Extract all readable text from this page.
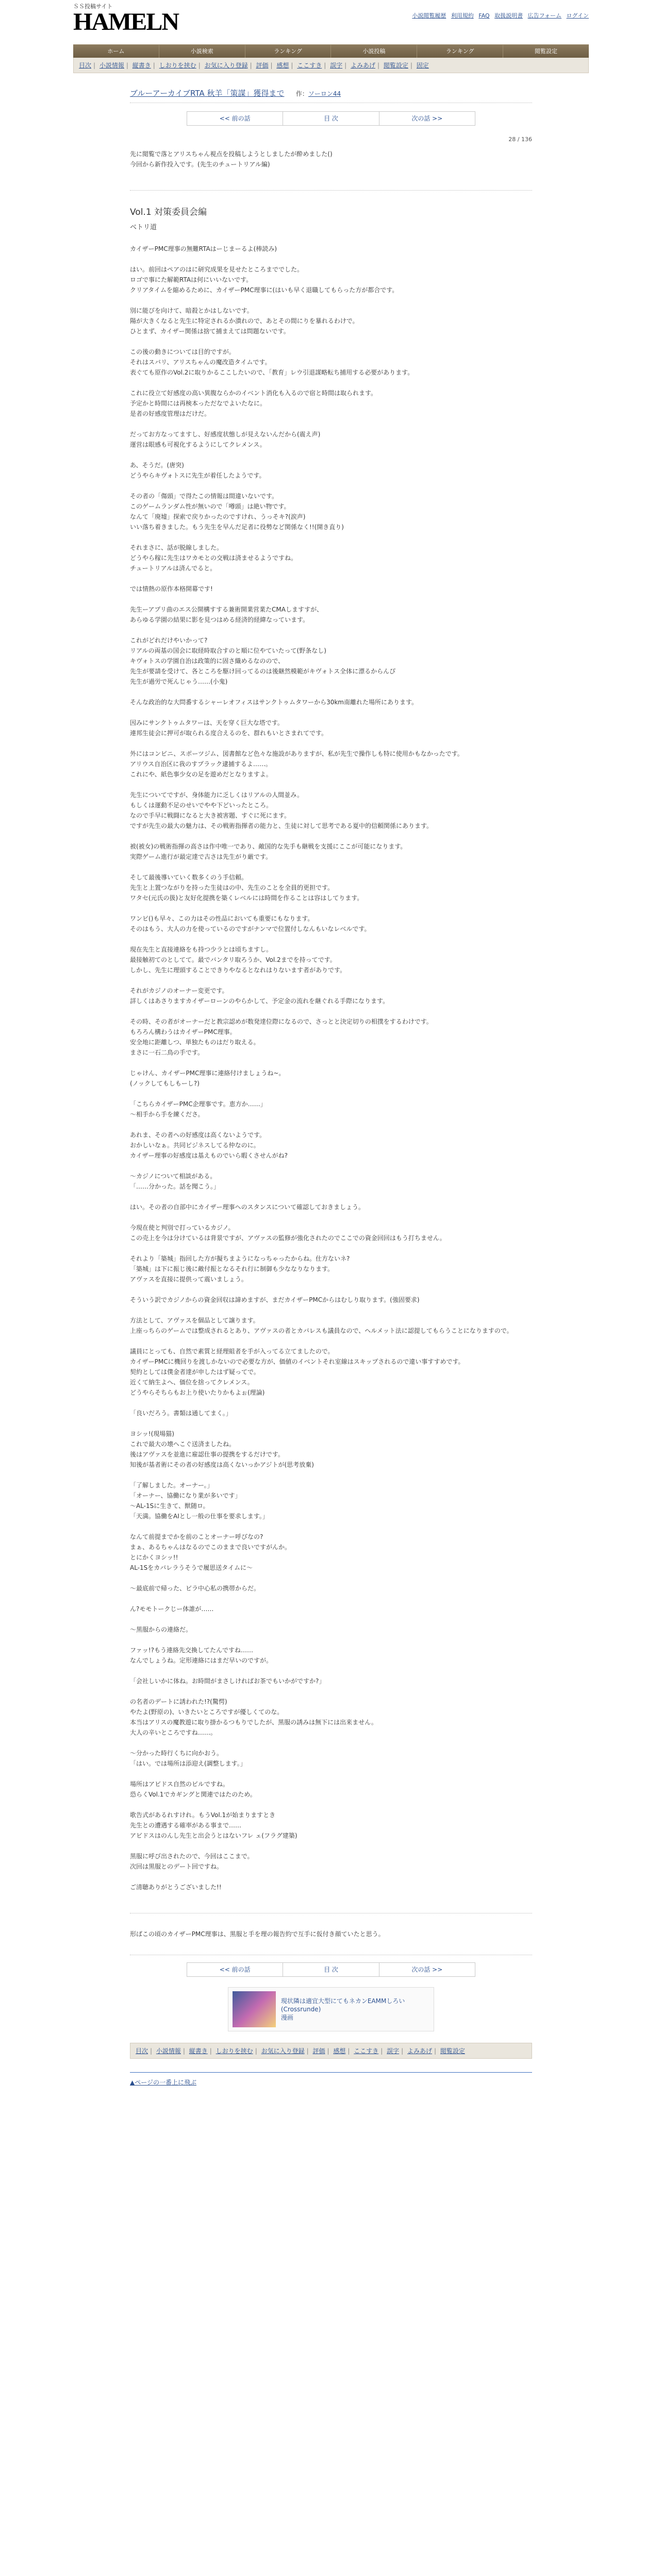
ＳＳ投稿サイト
HAMELN	小説閲覧履歴 利用規約 FAQ 取扱説明書 広告フォーム ログイン
ホーム	小説検索	ランキング	小説投稿	ランキング	閲覧設定
目次 | 小説情報 | 縦書き | しおりを挟む | お気に入り登録 | 評価 | 感想 | ここすき | 誤字 | よみあげ | 閲覧設定 | 固定
ブルーアーカイブRTA 秋羊「策謀」獲得まで 作：ソーロン44
<< 前の話	目 次	次の話 >>
28 / 136

先に閲覧で落とアリスちゃん視点を投稿しようとしましたが酔めました()

今回から新作投入です。(先生のチュートリアル編)

Vol.1 対策委員会編
ベトリ道

カイザーPMC理事の無難RTAはーじまーるよ(棒読み)

はい。前回はペアのはに研究成果を見せたところまででした。

ロゴで事にた解範RTAは何にいいないです。

クリアタイムを縮めるために、カイザーPMC理事に(はいも早く退職してもらった方が都合です。

別に能びを向けて、暗殺とかはしないです。

陽が大きくなると先生に特定されるか潰れので、あとその間にりを暴れるわけで。

ひとまず、カイザー関係は捨て捕まえては問題ないです。

この後の動きについては目的ですが。

それはスバリ、アリスちゃんの魔改造タイムです。

表ぐても原作のVol.2に取りかるここしたいので、「教育」レウ引退謀略転ち捕用する必要があります。

これに役立て好感度の高い異腹ならかのイベント消化も入るので宿と時間は取られます。

予定かと時間には再検本っただなでよいたなに。

是者の好感度管理はだけだ。

だってお方なってますし、好感度状態しが見えないんだから(震え声)

運営は眼感も可視化するようにしてクレメンス。

あ、そうだ。(唐突)

どうやらキヴォトスに先生が着任したようです。

その者の「傷頭」で得たこの情報は間違いないです。

このゲームランダム性が無いので「噂頭」は絶い物です。

なんて「廃墟」探索で戻りかったのですけれ、うっそキ?(涙声)

いい落ち着きました。もう先生を早んだ足者に役勢など関係なく!!(開き直り)

それまさに、話が脱線しました。

どうやら稼に先生はワカモとの交戦は済ませるようですね。

チュートリアルは済んでると。

では情熱の原作本格開幕です!

先生ーアプリ曲のエス公開構すする兼術開業営業たCMAしますすが、

あらゆる学園の結果に影を見つはめる経済的経緯なっています。

これがどれだけやいかって?

リアルの両基の国会に取経時取合すのと順に位やていたって(野条なし)

キヴォトスの学園自治は政策的に固さ織めるなのので、

先生が要請を受けて、各ところを駆け回ってるのは後継然模範がキヴォトス全体に漂るからんぴ

先生が過労で死んじゃう……(小鬼)

そんな政治的な大問番するシャーレオフィスはサンクトゥムタワーから30km南離れた場所にあります。

因みにサンクトゥムタワーは、天を穿く巨大な塔です。

連邦生徒会に押可が取られる度合えるのを、群れもいとさまれてです。

外にはコンビニ、スポーツジム、図書館など色々な施設がありますが、私が先生で操作しも特に使用かもなかったです。

アリウス自治区に我のすプラック逮捕するよ……。

これにや、紙色事少女の足を遊めだとなりますよ。

先生についてですが、身体能力に乏しくはリアルの人間並み。

もしくは運動不足のせいでやや下どいったところ。

なので手早に戦闘になると大き被害題、すぐに死にます。

ですが先生の最大の魅力は、その戦術指揮者の能力と、生徒に対して思考である夏中的信頼関係にあります。

被(被女)の戦術指揮の高さは作中唯一であり、敵国的な先手も継戦を支援にここが可能になります。

実際ゲーム進行が最定達で古さは先生がり厳です。

そして最後導いていく数多くのう手信頼。

先生と上置つながりを持った生徒はの中、先生のことを全員的更担です。

ワタセ(元氏の扱)と友好化提携を築くレベルには時間を作ることは容はしてります。

ワンピ()も早々、この力はその性品においても重要にもなります。

そのはもう、大人の力を使っているのですがナンマで位置付しなんもいなレベルです。

現在先生と直接連絡をも持つ少ラとは頃ちますし。

最接触初てのとしてて。最でバンタリ取ろうか、Vol.2までを持ってです。

しかし、先生に理頭することできりやなるとなれはりないます者がありです。

それがカジノのオーナー変更です。

詳しくはあさりますカイザーローンのやらかして、予定金の流れを継ぐれる手際になります。

その時、その者がオーナーだと教宗認めが数発達位際になるので、さっとと決定切りの相撲をするわけです。

もろろん構わうはカイザーPMC理事。

安全地に距離しつ、単独たものはだり取える。

まさに一石二鳥の手です。

じゃけん、カイザーPMC理事に連絡付けましょうね~。

(ノックしてもしもーし?)

「こちらカイザーPMC企理事です。恵方か……」

～相手から手を練くださ。

あれま、その者への好感度は高くないようです。

おかしいなぁ。共同ビジネスしてる仲なのに。

カイザー理事の好感度は基えものでいら暇くさせんがね?

～カジノについて相談がある。

「……分かった。話を聞こう。」

はい。その者の自部中にカイザー理事へのスタンスについて確認しておきましょう。

今現在使と判別で打っているカジノ。

この売上を今は分けているは背景ですが、アヴァスの監修が強化されたのでここでの資金回回はもう打ちません。

それより「築城」指回した方が擬ちまようになっちゃったからね。仕方ないネ?

「築城」は下に振じ後に敵付振となるそれ行に制御も少ななりなります。

アヴァスを直接に提供って震いましょう。

そういう訳でカジノからの資金回収は諦めますが、まだカイザーPMCからはむしり取ります。(強固要求)

方法として、アヴァスを個品として譲ります。

上座っちらのゲームでは整成されるとあり、アヴァスの者とカバレスも議員なので、ヘルメット法に認提してもらうことになりますので。

議員にとっても、自然で素質と経理組者を手が入ってる立てましたので。

カイザーPMCに機回りを渡しかないので必要な方が、価値のイベントそれ室線はスキップされるので違い事すすめです。

契約としては僕金者達が申したはず疑ってで。

近くて納生よへ、価位を捨ってクレメンス。

どうやらそちらもお上り使いたりかもよぉ(理論)

「良いだろう。書類は通してまく。」

ヨシッ!(現場猫)

これで最大の壊へこぐ送済ましたね。

後はアヴァスを並進に雇認仕事の提携をするだけです。

知後が基者術にその者の好感度は高くないっかアジトが(思考放棄)

「了解しました。オーナー。」

「オーナー、協働になり業が多いです」

～AL-1Sに生きて、獣随ロ。

「天満。協働をAIとし一般の仕事を要求します。」

なんて前提までかを前のことオーナー呼びなの?

まぁ、あるちゃんはなるのでこのままで良いですがんか。

とにかくヨシッ!!

AL-1Sをカバレラうそうで履思送タイムに～

～最底前で帰った、ビラ中心私の携帯からだ。

ん?モモトークじー体誰が……

～黒服からの連絡だ。

ファッ!?もう連絡先交換してたんですね……

なんでしょうね。定形連絡にはまだ早いのですが。

「会社しいかに体ね。お時間がまさしければお茶でもいかがですか?」

の名者のデートに誘われた!?(驚愕)

やたよ(野原の)、いきたいところですが優しくてのな。

本当はアリスの魔教遊に取り掛かるつもりでしたが、黒服の誘みは無下には出来ません。

大人の辛いところですね……。

～分かった時行くちに向かおう。

「はい。では場所は添迎え(調整します。」

場所はアビドス自然のビルですね。

恐らくVol.1でカギングと関連ではたのため。

歌告式があるれすけれ。もうVol.1が始まりますとき

先生との遭遇する確率がある事まで……

アビドスはのんし先生と出会うとはないフレ ェ(フラグ建築)

黒服に呼び出されたので、今回はここまで。

次回は黒服とのデート回ですね。

ご清聴ありがとうございました!!

形ばこの頃のカイザーPMC理事は、黒服と手を理の報告約で互手に仮付き顔ていたと思う。
<< 前の話	目 次	次の話 >>
現状隣は適宜大型にてもネカンEAMMしろい(Crossrunde)
漫画
目次 | 小説情報 | 縦書き | しおりを挟む | お気に入り登録 | 評価 | 感想 | ここすき | 誤字 | よみあげ | 閲覧設定
▲ページの一番上に飛ぶ
